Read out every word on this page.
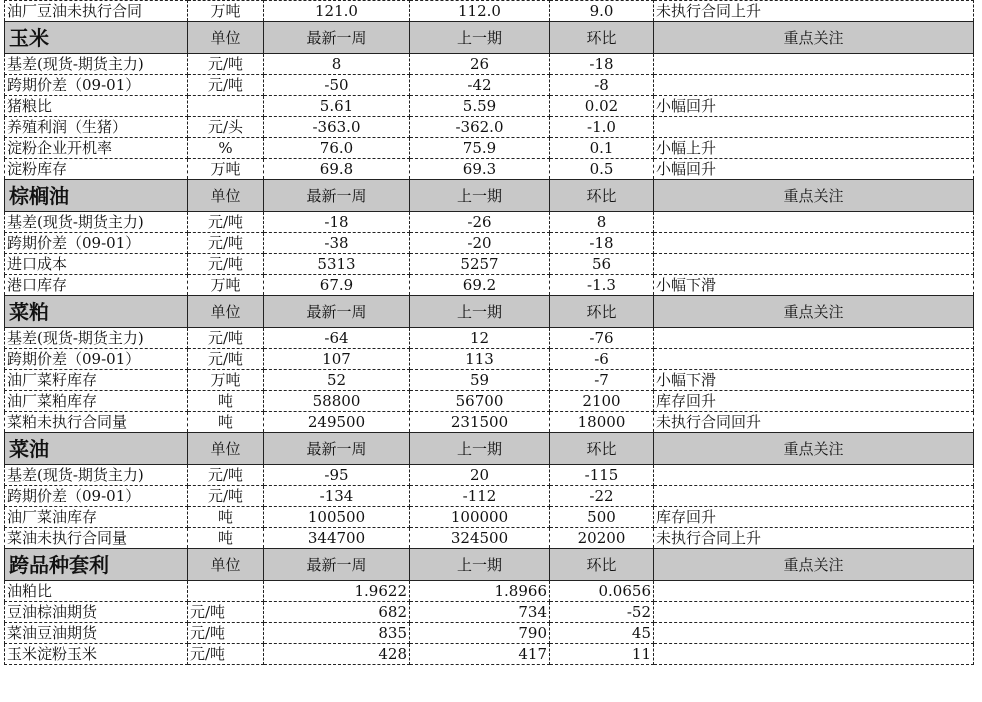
油厂豆油未执行合同	万吨	121.0	112.0	9.0	未执行合同上升
玉米	单位	最新一周	上一期	环比	重点关注
基差(现货-期货主力)	元/吨	8	26	-18	
跨期价差（09-01）	元/吨	-50	-42	-8	
猪粮比		5.61	5.59	0.02	小幅回升
养殖利润（生猪）	元/头	-363.0	-362.0	-1.0	
淀粉企业开机率	%	76.0	75.9	0.1	小幅上升
淀粉库存	万吨	69.8	69.3	0.5	小幅回升
棕榈油	单位	最新一周	上一期	环比	重点关注
基差(现货-期货主力)	元/吨	-18	-26	8	
跨期价差（09-01）	元/吨	-38	-20	-18	
进口成本	元/吨	5313	5257	56	
港口库存	万吨	67.9	69.2	-1.3	小幅下滑
菜粕	单位	最新一周	上一期	环比	重点关注
基差(现货-期货主力)	元/吨	-64	12	-76	
跨期价差（09-01）	元/吨	107	113	-6	
油厂菜籽库存	万吨	52	59	-7	小幅下滑
油厂菜粕库存	吨	58800	56700	2100	库存回升
菜粕未执行合同量	吨	249500	231500	18000	未执行合同回升
菜油	单位	最新一周	上一期	环比	重点关注
基差(现货-期货主力)	元/吨	-95	20	-115	
跨期价差（09-01）	元/吨	-134	-112	-22	
油厂菜油库存	吨	100500	100000	500	库存回升
菜油未执行合同量	吨	344700	324500	20200	未执行合同上升
跨品种套利	单位	最新一周	上一期	环比	重点关注
油粕比		1.9622	1.8966	0.0656	
豆油棕油期货	元/吨	682	734	-52	
菜油豆油期货	元/吨	835	790	45	
玉米淀粉玉米	元/吨	428	417	11	
